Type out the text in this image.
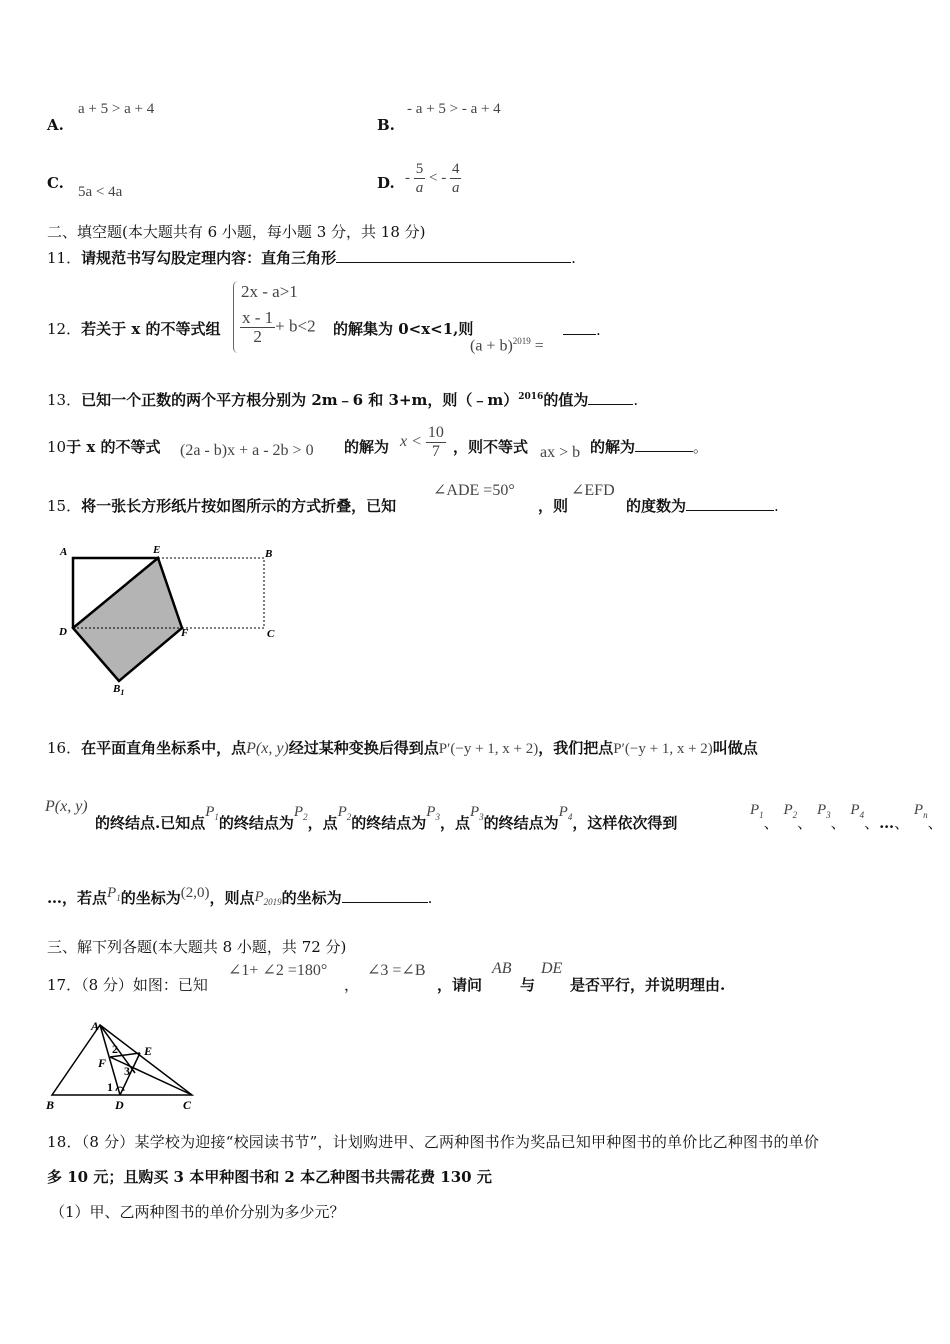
A.
a + 5 > a + 4
B.
- a + 5 > - a + 4
C. 5a < 4a	D. - $\frac{5}{a}$ < - $\frac{4}{a}$
二、填空题(本大题共有 6 小题，每小题 3 分，共 18 分)
11．请规范书写勾股定理内容：直角三角形	.
12．若关于 x 的不等式组
2x - a>1
$\frac{x - 1}{2} + b<2$ 的解集为 0<x<1,则
$(a + b)^{2019}$ =
.
13．已知一个正数的两个平方根分别为 2m﹣6 和 3+m，则（﹣m）$^{2016}$的值为	.
10于 x 的不等式 (2a - b)x + a - 2b > 0 的解为 $x < \frac{10}{7}$ ，则不等式 ax > b 的解为	。
15．将一张长方形纸片按如图所示的方式折叠，已知
∠ADE =50°
，则
∠EFD
的度数为	.
A	E	B
D	F	C
$B_1$
16．在平面直角坐标系中，点P(x, y)经过某种变换后得到点P′(−y + 1, x + 2)，我们把点P′(−y + 1, x + 2)叫做点
P(x, y)
的终结点.已知点$P_1$的终结点为$P_2$，点$P_2$的终结点为$P_3$，点$P_3$的终结点为$P_4$，这样依次得到
$P_1$、 $P_2$、 $P_3$、 $P_4$、…、 $P_n$、
…，若点$P_1$的坐标为(2,0)，则点$P_{2019}$的坐标为	.
三、解下列各题(本大题共 8 小题，共 72 分)
17．（8 分）如图：已知
∠1+ ∠2 =180°
，
∠3 =∠B
，请问
AB
与
DE
是否平行，并说明理由.
A
B	C
D
E
F
1
2
3
18．（8 分）某学校为迎接“校园读书节”，计划购进甲、乙两种图书作为奖品已知甲种图书的单价比乙种图书的单价
多 10 元；且购买 3 本甲种图书和 2 本乙种图书共需花费 130 元
（1）甲、乙两种图书的单价分别为多少元？
